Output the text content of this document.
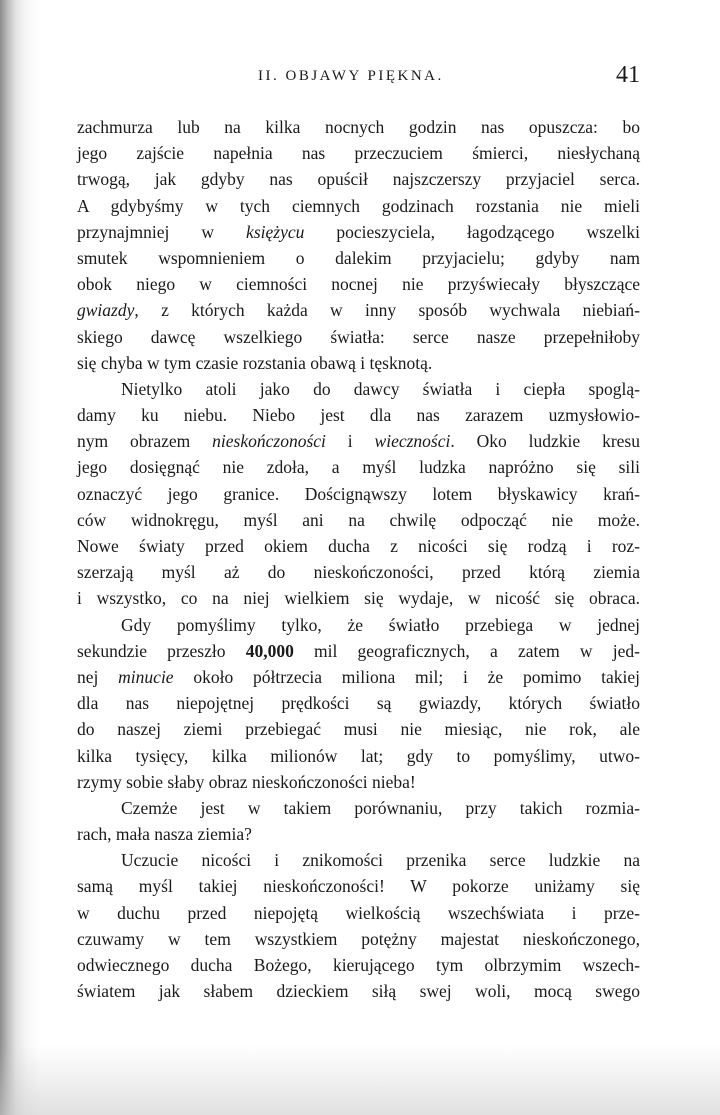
II. OBJAWY PIĘKNA.	41
zachmurza lub na kilka nocnych godzin nas opuszcza: bo
jego zajście napełnia nas przeczuciem śmierci, niesłychaną
trwogą, jak gdyby nas opuścił najszczerszy przyjaciel serca.
A gdybyśmy w tych ciemnych godzinach rozstania nie mieli
przynajmniej w księżycu pocieszyciela, łagodzącego wszelki
smutek wspomnieniem o dalekim przyjacielu; gdyby nam
obok niego w ciemności nocnej nie przyświecały błyszczące
gwiazdy, z których każda w inny sposób wychwala niebiań-
skiego dawcę wszelkiego światła: serce nasze przepełniłoby
się chyba w tym czasie rozstania obawą i tęsknotą.
Nietylko atoli jako do dawcy światła i ciepła spoglą-
damy ku niebu. Niebo jest dla nas zarazem uzmysłowio-
nym obrazem nieskończoności i wieczności. Oko ludzkie kresu
jego dosięgnąć nie zdoła, a myśl ludzka napróżno się sili
oznaczyć jego granice. Doścignąwszy lotem błyskawicy krań-
ców widnokręgu, myśl ani na chwilę odpocząć nie może.
Nowe światy przed okiem ducha z nicości się rodzą i roz-
szerzają myśl aż do nieskończoności, przed którą ziemia
i wszystko, co na niej wielkiem się wydaje, w nicość się obraca.
Gdy pomyślimy tylko, że światło przebiega w jednej
sekundzie przeszło 40,000 mil geograficznych, a zatem w jed-
nej minucie około półtrzecia miliona mil; i że pomimo takiej
dla nas niepojętnej prędkości są gwiazdy, których światło
do naszej ziemi przebiegać musi nie miesiąc, nie rok, ale
kilka tysięcy, kilka milionów lat; gdy to pomyślimy, utwo-
rzymy sobie słaby obraz nieskończoności nieba!
Czemże jest w takiem porównaniu, przy takich rozmia-
rach, mała nasza ziemia?
Uczucie nicości i znikomości przenika serce ludzkie na
samą myśl takiej nieskończoności! W pokorze uniżamy się
w duchu przed niepojętą wielkością wszechświata i prze-
czuwamy w tem wszystkiem potężny majestat nieskończonego,
odwiecznego ducha Bożego, kierującego tym olbrzymim wszech-
światem jak słabem dzieckiem siłą swej woli, mocą swego
